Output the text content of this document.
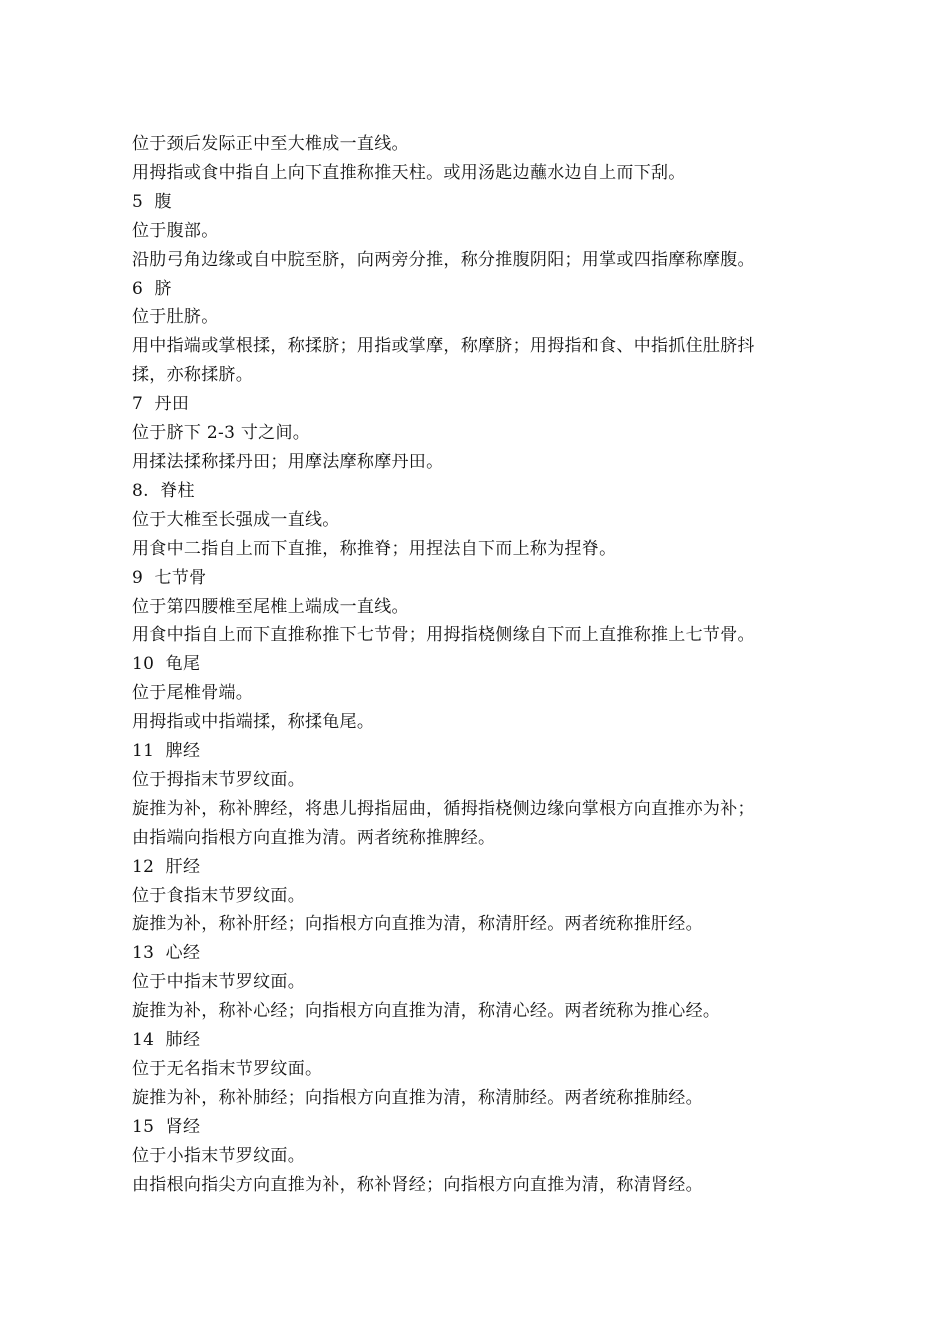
位于颈后发际正中至大椎成一直线。
用拇指或食中指自上向下直推称推天柱。或用汤匙边蘸水边自上而下刮。
5  腹
位于腹部。
沿肋弓角边缘或自中脘至脐，向两旁分推，称分推腹阴阳；用掌或四指摩称摩腹。
6  脐
位于肚脐。
用中指端或掌根揉，称揉脐；用指或掌摩，称摩脐；用拇指和食、中指抓住肚脐抖
揉，亦称揉脐。
7  丹田
位于脐下 2-3 寸之间。
用揉法揉称揉丹田；用摩法摩称摩丹田。
8.  脊柱
位于大椎至长强成一直线。
用食中二指自上而下直推，称推脊；用捏法自下而上称为捏脊。
9  七节骨
位于第四腰椎至尾椎上端成一直线。
用食中指自上而下直推称推下七节骨；用拇指桡侧缘自下而上直推称推上七节骨。
10  龟尾
位于尾椎骨端。
用拇指或中指端揉，称揉龟尾。
11  脾经
位于拇指末节罗纹面。
旋推为补，称补脾经，将患儿拇指屈曲，循拇指桡侧边缘向掌根方向直推亦为补；
由指端向指根方向直推为清。两者统称推脾经。
12  肝经
位于食指末节罗纹面。
旋推为补，称补肝经；向指根方向直推为清，称清肝经。两者统称推肝经。
13  心经
位于中指末节罗纹面。
旋推为补，称补心经；向指根方向直推为清，称清心经。两者统称为推心经。
14  肺经
位于无名指末节罗纹面。
旋推为补，称补肺经；向指根方向直推为清，称清肺经。两者统称推肺经。
15  肾经
位于小指末节罗纹面。
由指根向指尖方向直推为补，称补肾经；向指根方向直推为清，称清肾经。
